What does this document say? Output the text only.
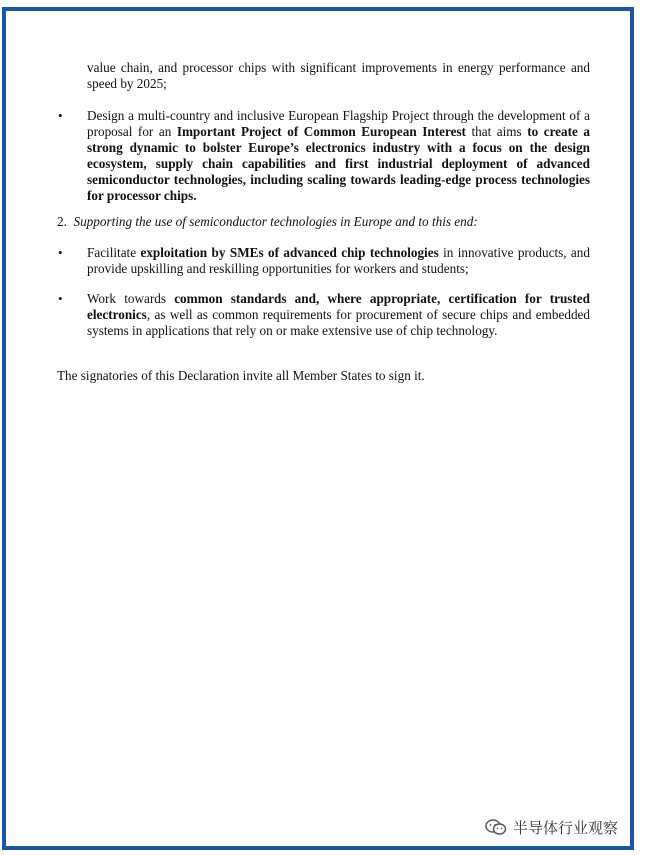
value chain, and processor chips with significant improvements in energy performance and speed by 2025;
• Design a multi-country and inclusive European Flagship Project through the development of a proposal for an Important Project of Common European Interest that aims to create a strong dynamic to bolster Europe’s electronics industry with a focus on the design ecosystem, supply chain capabilities and first industrial deployment of advanced semiconductor technologies, including scaling towards leading-edge process technologies for processor chips.
2. Supporting the use of semiconductor technologies in Europe and to this end:
• Facilitate exploitation by SMEs of advanced chip technologies in innovative products, and provide upskilling and reskilling opportunities for workers and students;
• Work towards common standards and, where appropriate, certification for trusted electronics, as well as common requirements for procurement of secure chips and embedded systems in applications that rely on or make extensive use of chip technology.
The signatories of this Declaration invite all Member States to sign it.
半导体行业观察
